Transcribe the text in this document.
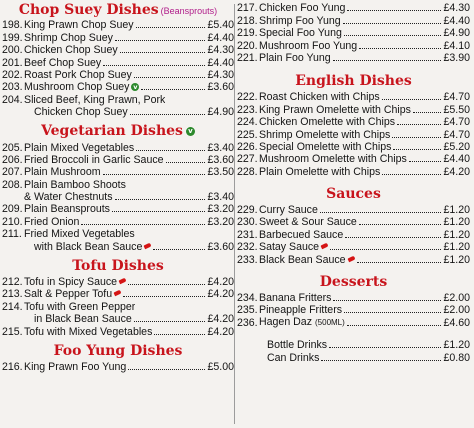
Chop Suey Dishes (Beansprouts)
198. King Prawn Chop Suey	£5.40
199. Shrimp Chop Suey	£4.40
200. Chicken Chop Suey	£4.30
201. Beef Chop Suey	£4.40
202. Roast Pork Chop Suey	£4.30
203. Mushroom Chop Suey v	£3.60
204. Sliced Beef, King Prawn, Pork
Chicken Chop Suey	£4.90
Vegetarian Dishes v
205. Plain Mixed Vegetables	£3.40
206. Fried Broccoli in Garlic Sauce	£3.60
207. Plain Mushroom	£3.50
208. Plain Bamboo Shoots
& Water Chestnuts	£3.40
209. Plain Beansprouts	£3.20
210. Fried Onion	£3.20
211. Fried Mixed Vegetables
with Black Bean Sauce	£3.60
Tofu Dishes
212. Tofu in Spicy Sauce	£4.20
213. Salt & Pepper Tofu	£4.20
214. Tofu with Green Pepper
in Black Bean Sauce	£4.20
215. Tofu with Mixed Vegetables	£4.20
Foo Yung Dishes
216. King Prawn Foo Yung	£5.00
217. Chicken Foo Yung	£4.30
218. Shrimp Foo Yung	£4.40
219. Special Foo Yung	£4.90
220. Mushroom Foo Yung	£4.10
221. Plain Foo Yung	£3.90
English Dishes
222. Roast Chicken with Chips	£4.70
223. King Prawn Omelette with Chips	£5.50
224. Chicken Omelette with Chips	£4.70
225. Shrimp Omelette with Chips	£4.70
226. Special Omelette with Chips	£5.20
227. Mushroom Omelette with Chips	£4.40
228. Plain Omelette with Chips	£4.20
Sauces
229. Curry Sauce	£1.20
230. Sweet & Sour Sauce	£1.20
231. Barbecued Sauce	£1.20
232. Satay Sauce	£1.20
233. Black Bean Sauce	£1.20
Desserts
234. Banana Fritters	£2.00
235. Pineapple Fritters	£2.00
236. Hagen Daz (500ML)	£4.60
Bottle Drinks	£1.20
Can Drinks	£0.80
